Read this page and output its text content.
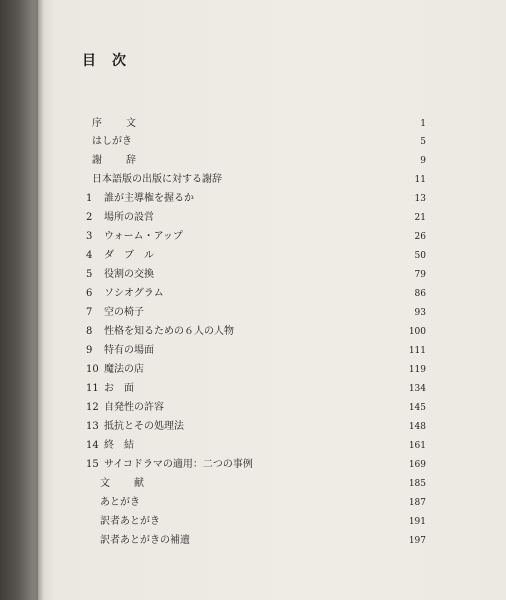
目 次
序　文	1
はしがき	5
謝　辞	9
日本語版の出版に対する謝辞	11
1	誰が主導権を握るか	13
2	場所の設営	21
3	ウォーム・アップ	26
4	ダ　ブ　ル	50
5	役割の交換	79
6	ソシオグラム	86
7	空の椅子	93
8	性格を知るための６人の人物	100
9	特有の場面	111
10 魔法の店	119
11 お　面	134
12 自発性の許容	145
13 抵抗とその処理法	148
14 終　結	161
15 サイコドラマの適用：二つの事例	169
文　献	185
あとがき	187
訳者あとがき	191
訳者あとがきの補遺	197
